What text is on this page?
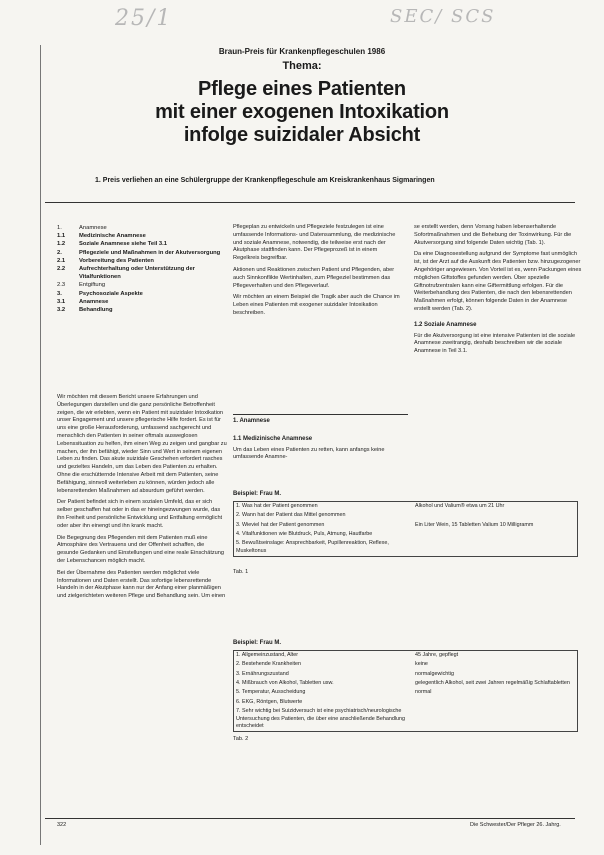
25/1	SEC/ SCS
Braun-Preis für Krankenpflegeschulen 1986
Thema:
Pflege eines Patienten
mit einer exogenen Intoxikation
infolge suizidaler Absicht
1. Preis verliehen an eine Schülergruppe der Krankenpflegeschule am Kreiskrankenhaus Sigmaringen
1.	Anamnese
1.1	Medizinische Anamnese
1.2	Soziale Anamnese siehe Teil 3.1
2.	Pflegeziele und Maßnahmen in der Akutversorgung
2.1	Vorbereitung des Patienten
2.2	Aufrechterhaltung oder Unterstützung der Vitalfunktionen
2.3	Entgiftung
3.	Psychosoziale Aspekte
3.1	Anamnese
3.2	Behandlung

Wir möchten mit diesem Bericht unsere Erfahrungen und Überlegungen darstellen und die ganz persönliche Betroffenheit zeigen, die wir erlebten, wenn ein Patient mit suizidaler Intoxikation unser Engagement und unsere pflegerische Hilfe fordert. Es ist für uns eine große Herausforderung, umfassend sachgerecht und menschlich den Patienten in seiner oftmals ausweglosen Lebenssituation zu helfen, ihm einen Weg zu zeigen und gangbar zu machen, der ihn befähigt, wieder Sinn und Wert in seinem eigenen Leben zu finden. Das akute suizidale Geschehen erfordert rasches und gezieltes Handeln, um das Leben des Patienten zu erhalten. Ohne die erschütternde Intensive Arbeit mit dem Patienten, seine Befähigung, sinnvoll weiterleben zu können, würden jedoch alle lebensrettenden Maßnahmen ad absurdum geführt werden.

Der Patient befindet sich in einem sozialen Umfeld, das er sich selber geschaffen hat oder in das er hineingezwungen wurde, das ihn Freiheit und persönliche Entwicklung und Entfaltung ermöglicht oder aber ihn einengt und ihn krank macht.

Die Begegnung des Pflegenden mit dem Patienten muß eine Atmosphäre des Vertrauens und der Offenheit schaffen, die gesunde Gedanken und Einstellungen und eine reale Einschätzung der Lebenschancen möglich macht.

Bei der Übernahme des Patienten werden möglichst viele Informationen und Daten erstellt. Das sofortige lebensrettende Handeln in der Akutphase kann nur der Anfang einer planmäßigen und zielgerichteten weiteren Pflege und Behandlung sein. Um einen

Pflegeplan zu entwickeln und Pflegeziele festzulegen ist eine umfassende Informations- und Datensammlung, die medizinische und soziale Anamnese, notwendig, die teilweise erst nach der Akutphase stattfinden kann. Der Pflegeprozeß ist in einem Regelkreis begreifbar.

Aktionen und Reaktionen zwischen Patient und Pflegenden, aber auch Sinnkonflikte Wertinhalten, zum Pflegeziel bestimmen das Pflegeverhalten und den Pflegeverlauf.

Wir möchten an einem Beispiel die Tragik aber auch die Chance im Leben eines Patienten mit exogener suizidaler Intoxikation beschreiben.

se erstellt werden, denn Vorrang haben lebenserhaltende Sofortmaßnahmen und die Behebung der Toxinwirkung. Für die Akutversorgung sind folgende Daten wichtig (Tab. 1).

Da eine Diagnosestellung aufgrund der Symptome fast unmöglich ist, ist der Arzt auf die Auskunft des Patienten bzw. hinzugezogener Angehöriger angewiesen. Von Vorteil ist es, wenn Packungen eines möglichen Giftstoffes gefunden werden. Über spezielle Giftnotrufzentralen kann eine Giftermittlung erfolgen. Für die Weiterbehandlung des Patienten, die nach den lebensrettenden Maßnahmen erfolgt, können folgende Daten in der Anamnese erstellt werden (Tab. 2).

1.2 Soziale Anamnese

Für die Akutversorgung ist eine intensive Patienten ist die soziale Anamnese zweitrangig, deshalb beschreiben wir die soziale Anamnese in Teil 3.1.

1. Anamnese
1.1 Medizinische Anamnese

Um das Leben eines Patienten zu retten, kann anfangs keine umfassende Anamne-

Beispiel: Frau M.
1. Was hat der Patient genommen	Alkohol und Valium® etwa um 21 Uhr
2. Wann hat der Patient das Mittel genommen	
3. Wieviel hat der Patient genommen	Ein Liter Wein, 15 Tabletten Valium 10 Milligramm
4. Vitalfunktionen wie Blutdruck, Puls, Atmung, Hautfarbe	
5. Bewußtseinslage: Ansprechbarkeit, Pupillenreaktion, Reflexe, Muskeltonus	
Tab. 1
Beispiel: Frau M.
1. Allgemeinzustand, Alter	45 Jahre, gepflegt
2. Bestehende Krankheiten	keine
3. Ernährungszustand	normalgewichtig
4. Mißbrauch von Alkohol, Tabletten usw.	gelegentlich Alkohol, seit zwei Jahren regelmäßig Schlaftabletten
5. Temperatur, Ausscheidung	normal
6. EKG, Röntgen, Blutwerte	
7. Sehr wichtig bei Suizidversuch ist eine psychiatrisch/neurologische Untersuchung des Patienten, die über eine anschließende Behandlung entscheidet	
Tab. 2
322	Die Schwester/Der Pfleger 26. Jahrg.
